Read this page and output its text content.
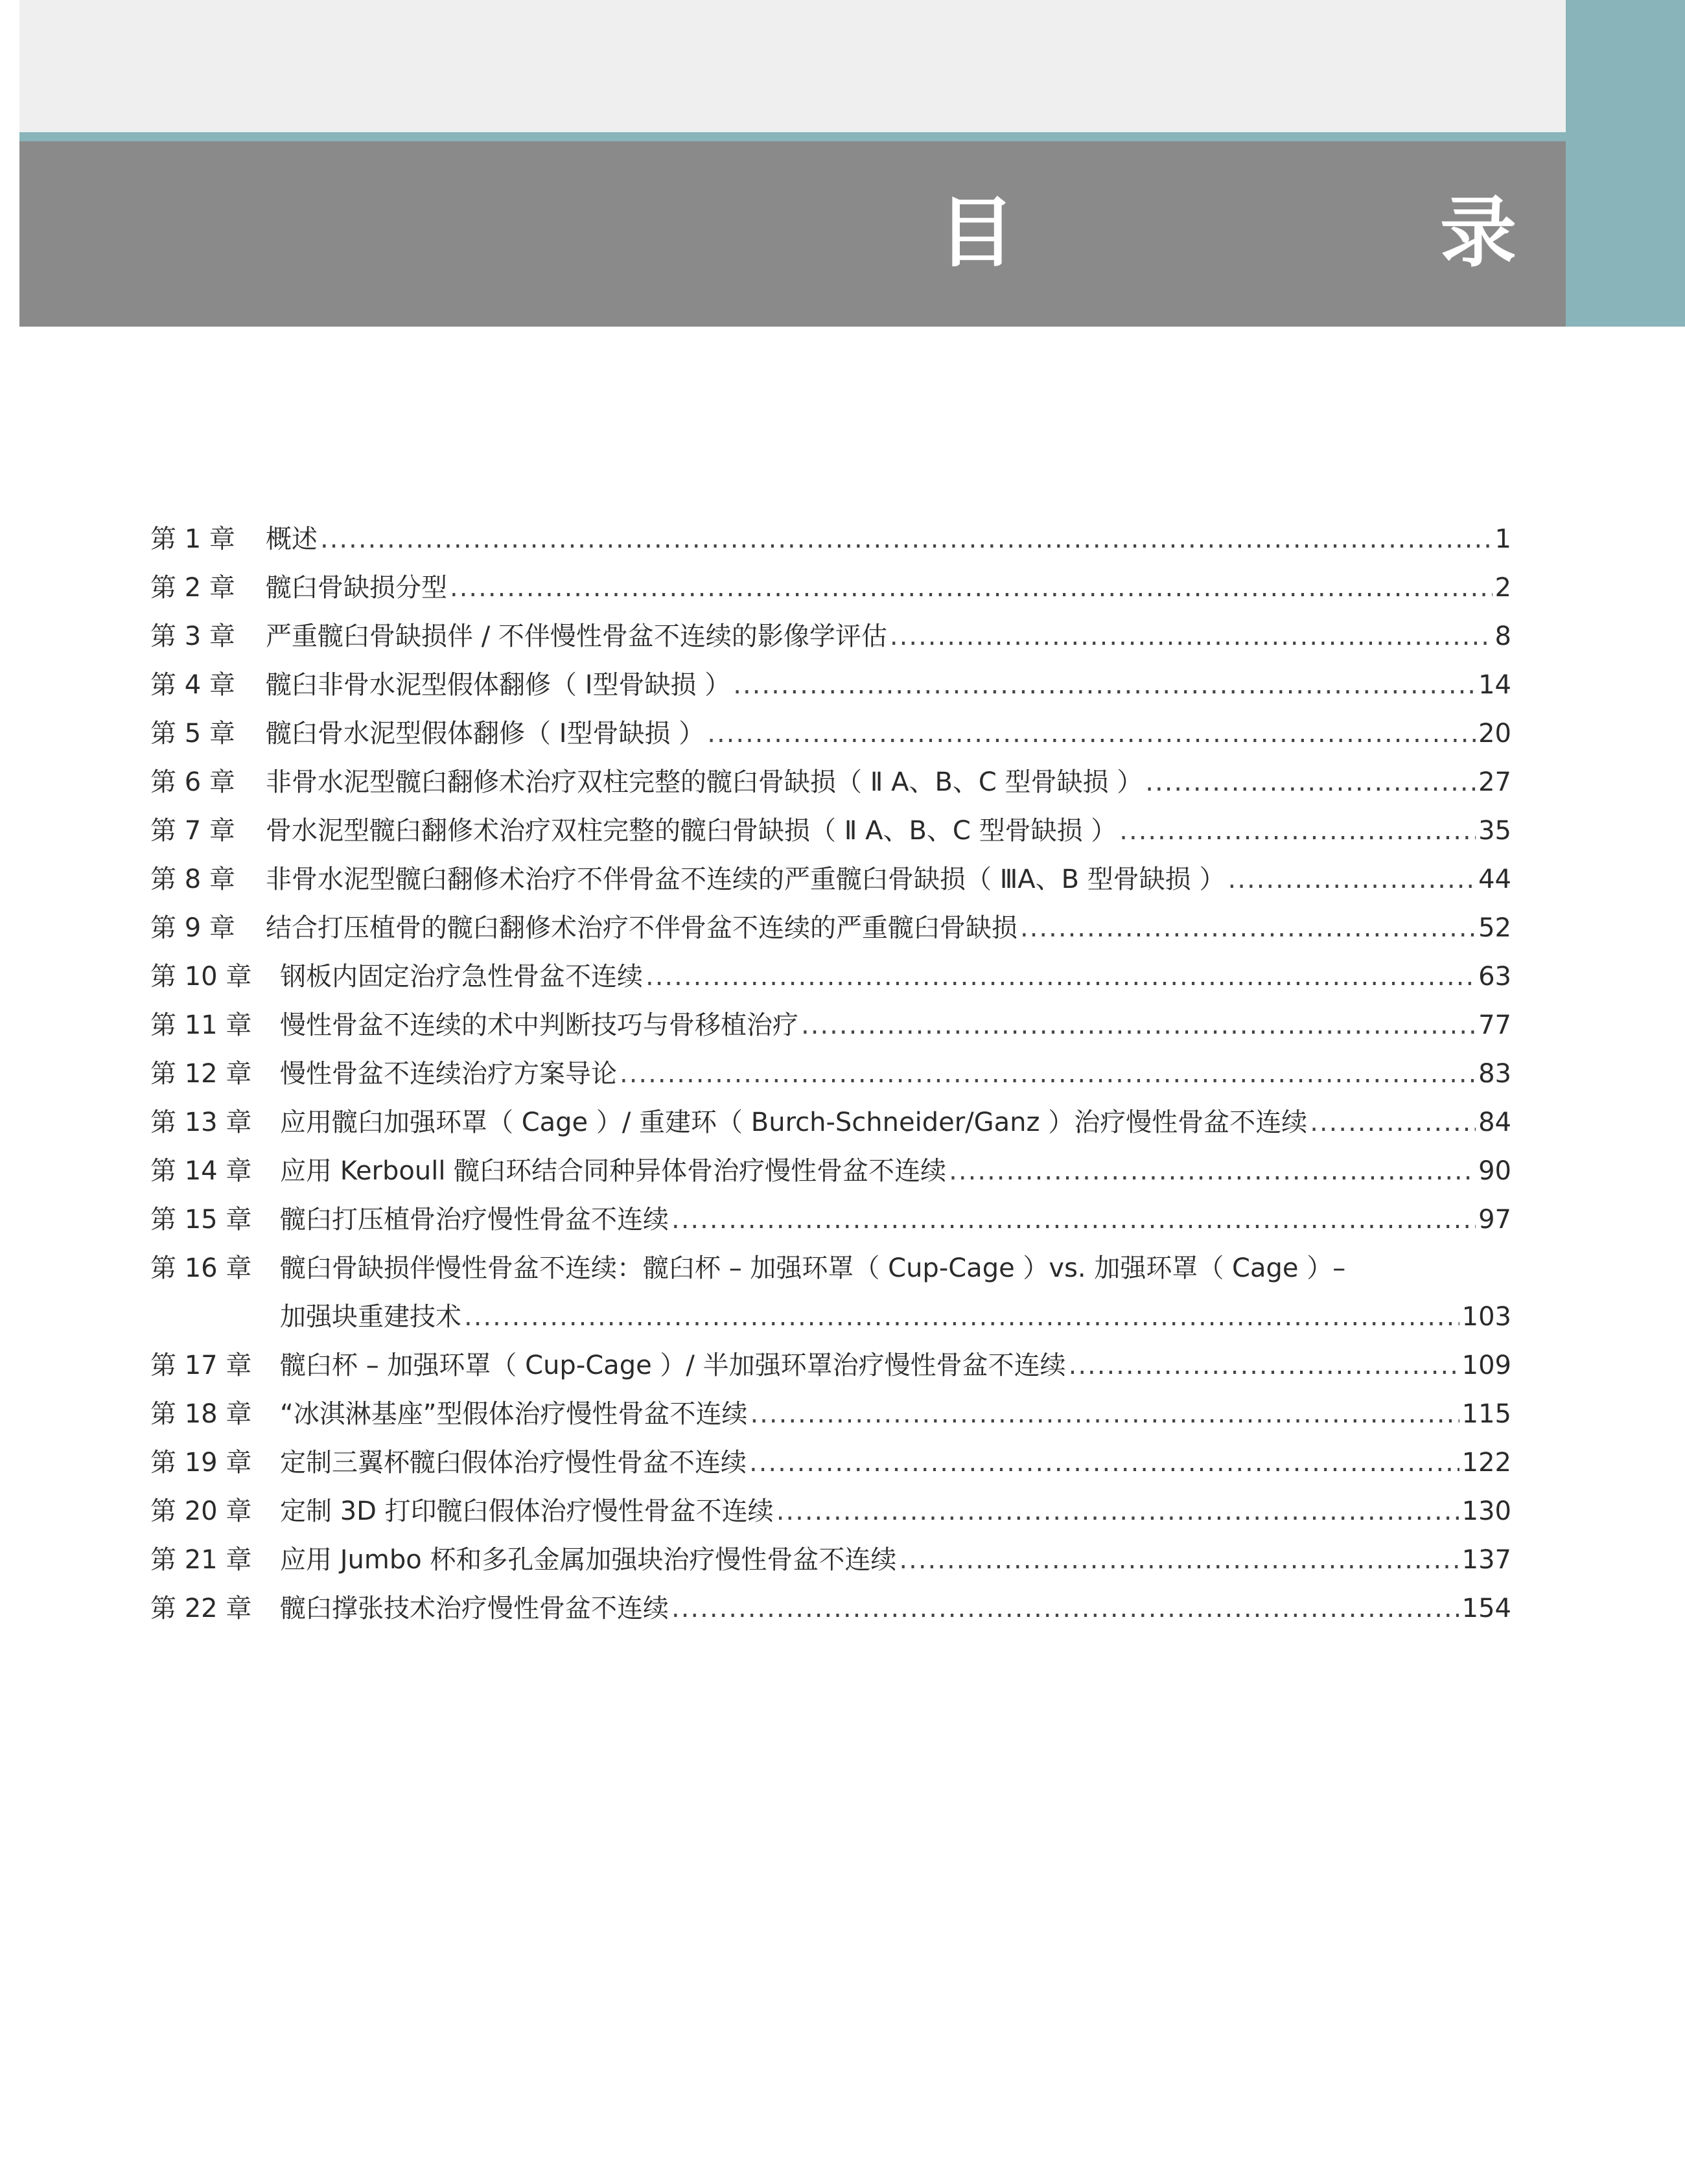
目　　录
第 1 章	概述 .....	1
第 2 章	髋臼骨缺损分型 .....	2
第 3 章	严重髋臼骨缺损伴 / 不伴慢性骨盆不连续的影像学评估 .....	8
第 4 章	髋臼非骨水泥型假体翻修（ Ⅰ型骨缺损 ） .....	14
第 5 章	髋臼骨水泥型假体翻修（ Ⅰ型骨缺损 ） .....	20
第 6 章	非骨水泥型髋臼翻修术治疗双柱完整的髋臼骨缺损（ Ⅱ A、B、C 型骨缺损 ） .....	27
第 7 章	骨水泥型髋臼翻修术治疗双柱完整的髋臼骨缺损（ Ⅱ A、B、C 型骨缺损 ） .....	35
第 8 章	非骨水泥型髋臼翻修术治疗不伴骨盆不连续的严重髋臼骨缺损（ ⅢA、B 型骨缺损 ） .....	44
第 9 章	结合打压植骨的髋臼翻修术治疗不伴骨盆不连续的严重髋臼骨缺损 .....	52
第 10 章	钢板内固定治疗急性骨盆不连续 .....	63
第 11 章	慢性骨盆不连续的术中判断技巧与骨移植治疗 .....	77
第 12 章	慢性骨盆不连续治疗方案导论 .....	83
第 13 章	应用髋臼加强环罩（ Cage ）/ 重建环（ Burch-Schneider/Ganz ）治疗慢性骨盆不连续 .....	84
第 14 章	应用 Kerboull 髋臼环结合同种异体骨治疗慢性骨盆不连续 .....	90
第 15 章	髋臼打压植骨治疗慢性骨盆不连续 .....	97
第 16 章	髋臼骨缺损伴慢性骨盆不连续：髋臼杯 – 加强环罩（ Cup-Cage ）vs. 加强环罩（ Cage ）–
加强块重建技术 .....	103
第 17 章	髋臼杯 – 加强环罩（ Cup-Cage ）/ 半加强环罩治疗慢性骨盆不连续 .....	109
第 18 章	“冰淇淋基座”型假体治疗慢性骨盆不连续 .....	115
第 19 章	定制三翼杯髋臼假体治疗慢性骨盆不连续 .....	122
第 20 章	定制 3D 打印髋臼假体治疗慢性骨盆不连续 .....	130
第 21 章	应用 Jumbo 杯和多孔金属加强块治疗慢性骨盆不连续 .....	137
第 22 章	髋臼撑张技术治疗慢性骨盆不连续 .....	154
